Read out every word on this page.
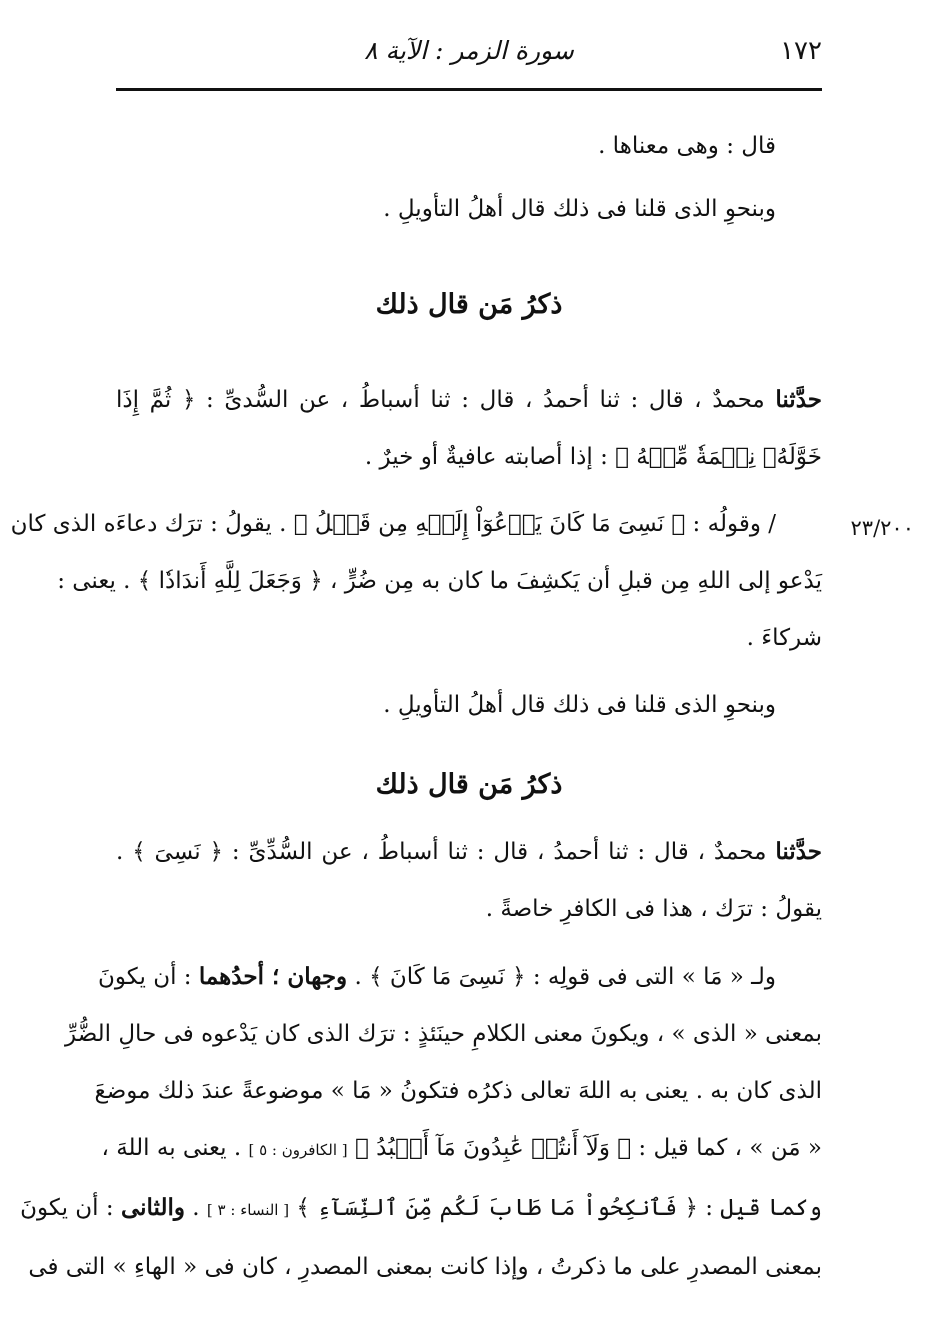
١٧٢
سورة الزمر : الآية ٨
٢٣/٢٠٠
قال : وهى معناها .
وبنحوِ الذى قلنا فى ذلك قال أهلُ التأويلِ .
ذكرُ مَن قال ذلك
حدَّثنا محمدٌ ، قال : ثنا أحمدُ ، قال : ثنا أسباطُ ، عن السُّدىِّ : ﴿ ثُمَّ إِذَا
خَوَّلَهُۥ نِعۡمَةٗ مِّنۡهُ ﴾ : إذا أصابته عافيةٌ أو خيرٌ .
/ وقولُه : ﴿ نَسِىَ مَا كَانَ يَدۡعُوٓاْ إِلَيۡهِ مِن قَبۡلُ ﴾ . يقولُ : ترَك دعاءَه الذى كان
يَدْعو إلى اللهِ مِن قبلِ أن يَكشِفَ ما كان به مِن ضُرٍّ ، ﴿ وَجَعَلَ لِلَّهِ أَندَادٗا ﴾ . يعنى :
شركاءَ .
وبنحوِ الذى قلنا فى ذلك قال أهلُ التأويلِ .
ذكرُ مَن قال ذلك
حدَّثنا محمدٌ ، قال : ثنا أحمدُ ، قال : ثنا أسباطُ ، عن السُّدِّىِّ : ﴿ نَسِىَ ﴾ .
يقولُ : ترَك ، هذا فى الكافرِ خاصةً .
ولـ « مَا » التى فى قولِه : ﴿ نَسِىَ مَا كَانَ ﴾ . وجهان ؛ أحدُهما : أن يكونَ
بمعنى « الذى » ، ويكونَ معنى الكلامِ حينَئذٍ : ترَك الذى كان يَدْعوه فى حالِ الضُّرِّ
الذى كان به . يعنى به اللهَ تعالى ذكرُه فتكونُ « مَا » موضوعةً عندَ ذلك موضعَ
« مَن » ، كما قيل : ﴿ وَلَآ أَنتُمۡ عَٰبِدُونَ مَآ أَعۡبُدُ ﴾ [ الكافرون : ٥ ] . يعنى به اللهَ ،
وكما قيل : ﴿ فَٱنكِحُواْ مَا طَابَ لَكُم مِّنَ ٱلنِّسَآءِ ﴾ [ النساء : ٣ ] . والثانى : أن يكونَ
بمعنى المصدرِ على ما ذكرتُ ، وإذا كانت بمعنى المصدرِ ، كان فى « الهاءِ » التى فى
